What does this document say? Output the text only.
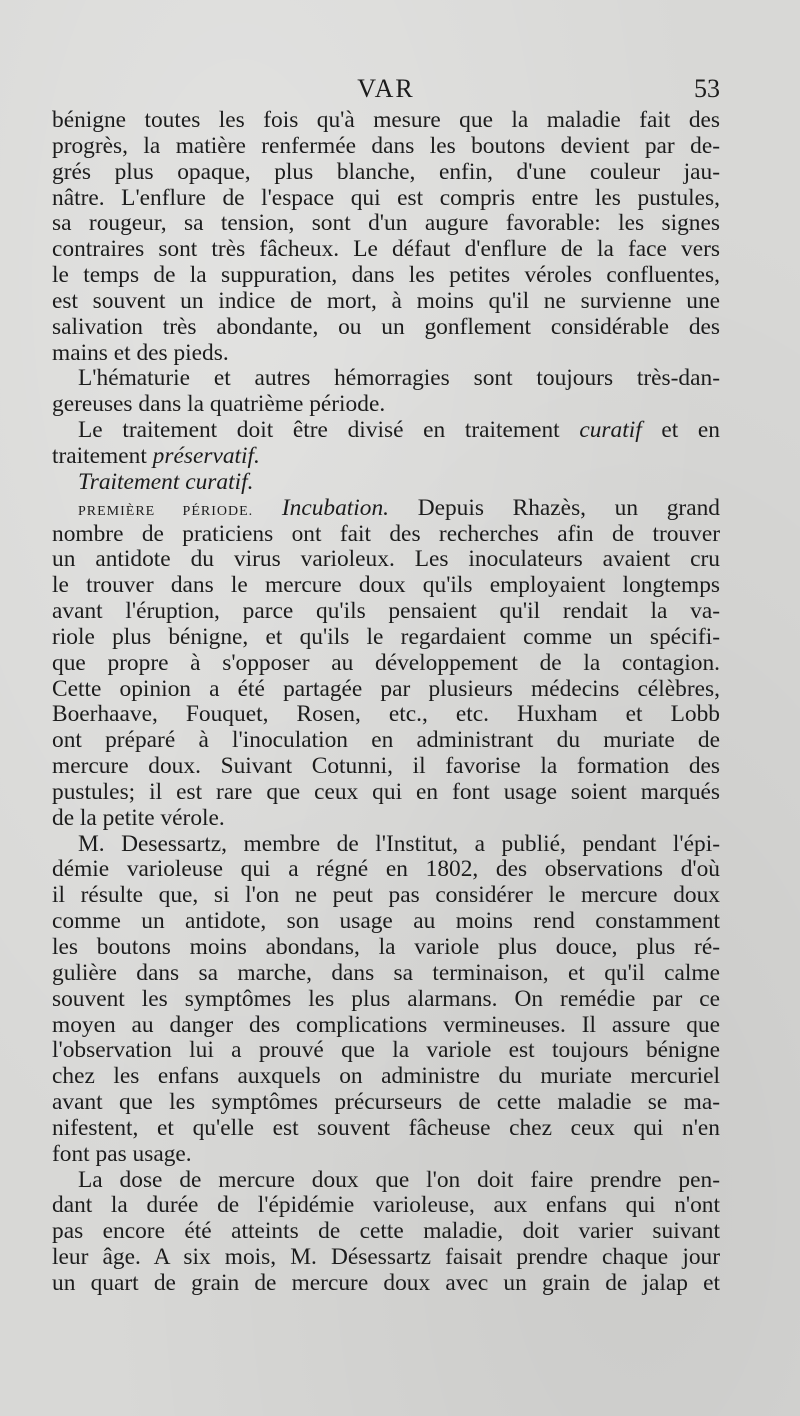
VAR	53
bénigne toutes les fois qu'à mesure que la maladie fait des
progrès, la matière renfermée dans les boutons devient par de-
grés plus opaque, plus blanche, enfin, d'une couleur jau-
nâtre. L'enflure de l'espace qui est compris entre les pustules,
sa rougeur, sa tension, sont d'un augure favorable: les signes
contraires sont très fâcheux. Le défaut d'enflure de la face vers
le temps de la suppuration, dans les petites véroles confluentes,
est souvent un indice de mort, à moins qu'il ne survienne une
salivation très abondante, ou un gonflement considérable des
mains et des pieds.
L'hématurie et autres hémorragies sont toujours très-dan-
gereuses dans la quatrième période.
Le traitement doit être divisé en traitement curatif et en
traitement préservatif.
Traitement curatif.
PREMIÈRE PÉRIODE. Incubation. Depuis Rhazès, un grand
nombre de praticiens ont fait des recherches afin de trouver
un antidote du virus varioleux. Les inoculateurs avaient cru
le trouver dans le mercure doux qu'ils employaient longtemps
avant l'éruption, parce qu'ils pensaient qu'il rendait la va-
riole plus bénigne, et qu'ils le regardaient comme un spécifi-
que propre à s'opposer au développement de la contagion.
Cette opinion a été partagée par plusieurs médecins célèbres,
Boerhaave, Fouquet, Rosen, etc., etc. Huxham et Lobb
ont préparé à l'inoculation en administrant du muriate de
mercure doux. Suivant Cotunni, il favorise la formation des
pustules; il est rare que ceux qui en font usage soient marqués
de la petite vérole.
M. Desessartz, membre de l'Institut, a publié, pendant l'épi-
démie varioleuse qui a régné en 1802, des observations d'où
il résulte que, si l'on ne peut pas considérer le mercure doux
comme un antidote, son usage au moins rend constamment
les boutons moins abondans, la variole plus douce, plus ré-
gulière dans sa marche, dans sa terminaison, et qu'il calme
souvent les symptômes les plus alarmans. On remédie par ce
moyen au danger des complications vermineuses. Il assure que
l'observation lui a prouvé que la variole est toujours bénigne
chez les enfans auxquels on administre du muriate mercuriel
avant que les symptômes précurseurs de cette maladie se ma-
nifestent, et qu'elle est souvent fâcheuse chez ceux qui n'en
font pas usage.
La dose de mercure doux que l'on doit faire prendre pen-
dant la durée de l'épidémie varioleuse, aux enfans qui n'ont
pas encore été atteints de cette maladie, doit varier suivant
leur âge. A six mois, M. Désessartz faisait prendre chaque jour
un quart de grain de mercure doux avec un grain de jalap et
